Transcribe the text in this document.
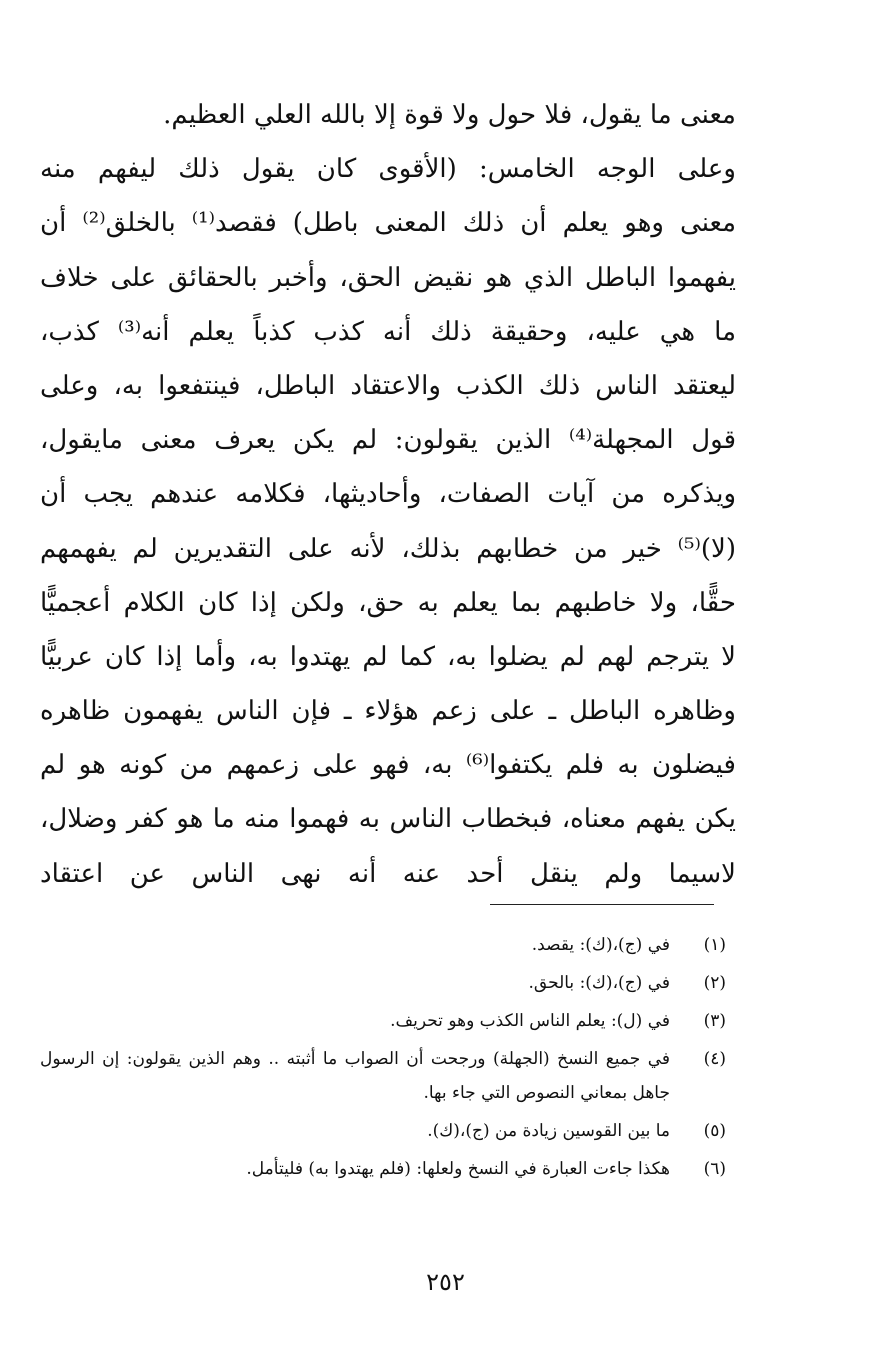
معنى ما يقول، فلا حول ولا قوة إلا بالله العلي العظيم.
وعلى الوجه الخامس: (الأقوى كان يقول ذلك ليفهم منه
معنى وهو يعلم أن ذلك المعنى باطل) فقصد⁽¹⁾ بالخلق⁽²⁾ أن
يفهموا الباطل الذي هو نقيض الحق، وأخبر بالحقائق على خلاف
ما هي عليه، وحقيقة ذلك أنه كذب كذباً يعلم أنه⁽³⁾ كذب،
ليعتقد الناس ذلك الكذب والاعتقاد الباطل، فينتفعوا به، وعلى
قول المجهلة⁽⁴⁾ الذين يقولون: لم يكن يعرف معنى مايقول،
ويذكره من آيات الصفات، وأحاديثها، فكلامه عندهم يجب أن
(لا)⁽⁵⁾ خير من خطابهم بذلك، لأنه على التقديرين لم يفهمهم
حقًّا، ولا خاطبهم بما يعلم به حق، ولكن إذا كان الكلام أعجميًّا
لا يترجم لهم لم يضلوا به، كما لم يهتدوا به، وأما إذا كان عربيًّا
وظاهره الباطل ـ على زعم هؤلاء ـ فإن الناس يفهمون ظاهره
فيضلون به فلم يكتفوا⁽⁶⁾ به، فهو على زعمهم من كونه هو لم
يكن يفهم معناه، فبخطاب الناس به فهموا منه ما هو كفر وضلال،
لاسيما ولم ينقل أحد عنه أنه نهى الناس عن اعتقاد
(١)
في (ج)،(ك): يقصد.
(٢)
في (ج)،(ك): بالحق.
(٣)
في (ل): يعلم الناس الكذب وهو تحريف.
(٤)
في جميع النسخ (الجهلة) ورجحت أن الصواب ما أثبته .. وهم الذين يقولون: إن الرسول جاهل بمعاني النصوص التي جاء بها.
(٥)
ما بين القوسين زيادة من (ج)،(ك).
(٦)
هكذا جاءت العبارة في النسخ ولعلها: (فلم يهتدوا به) فليتأمل.
٢٥٢
